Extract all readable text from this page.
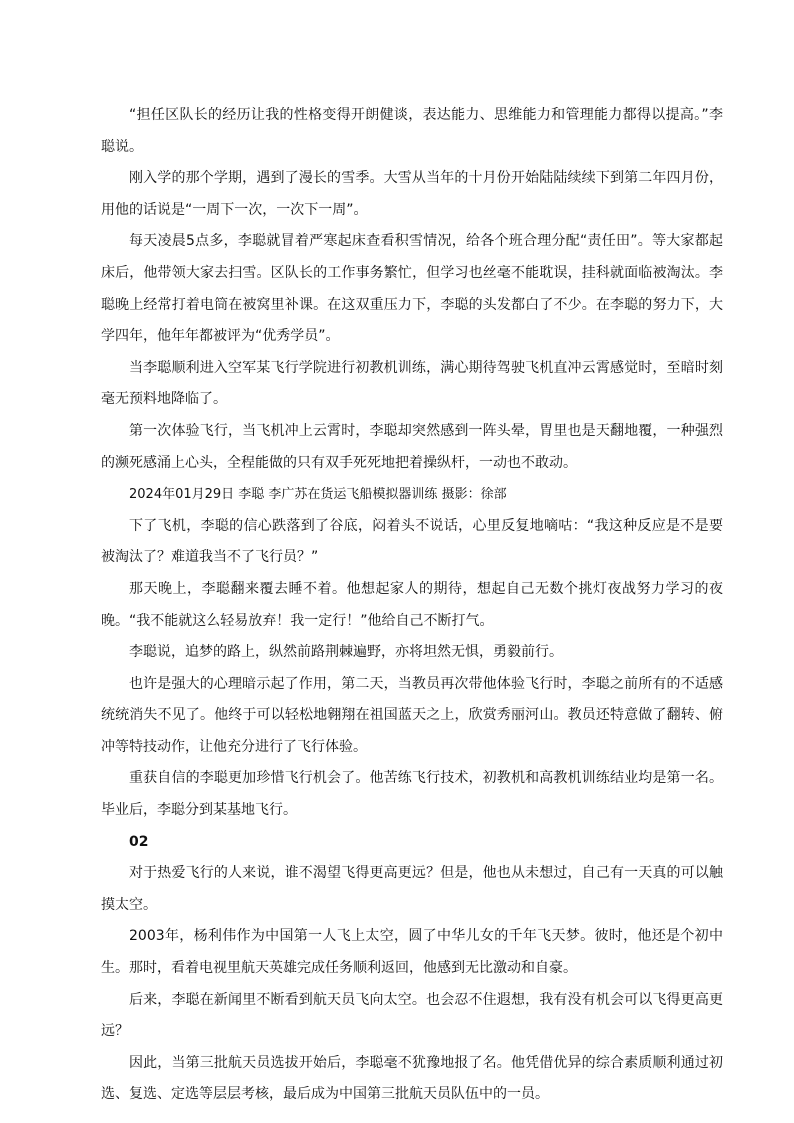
“担任区队长的经历让我的性格变得开朗健谈，表达能力、思维能力和管理能力都得以提高。”李聪说。

刚入学的那个学期，遇到了漫长的雪季。大雪从当年的十月份开始陆陆续续下到第二年四月份，用他的话说是“一周下一次，一次下一周”。

每天凌晨5点多，李聪就冒着严寒起床查看积雪情况，给各个班合理分配“责任田”。等大家都起床后，他带领大家去扫雪。区队长的工作事务繁忙，但学习也丝毫不能耽误，挂科就面临被淘汰。李聪晚上经常打着电筒在被窝里补课。在这双重压力下，李聪的头发都白了不少。在李聪的努力下，大学四年，他年年都被评为“优秀学员”。

当李聪顺利进入空军某飞行学院进行初教机训练，满心期待驾驶飞机直冲云霄感觉时，至暗时刻毫无预料地降临了。

第一次体验飞行，当飞机冲上云霄时，李聪却突然感到一阵头晕，胃里也是天翻地覆，一种强烈的濒死感涌上心头，全程能做的只有双手死死地把着操纵杆，一动也不敢动。

2024年01月29日 李聪 李广苏在货运飞船模拟器训练 摄影：徐部

下了飞机，李聪的信心跌落到了谷底，闷着头不说话，心里反复地嘀咕：“我这种反应是不是要被淘汰了？难道我当不了飞行员？”

那天晚上，李聪翻来覆去睡不着。他想起家人的期待，想起自己无数个挑灯夜战努力学习的夜晚。“我不能就这么轻易放弃！我一定行！”他给自己不断打气。

李聪说，追梦的路上，纵然前路荆棘遍野，亦将坦然无惧，勇毅前行。

也许是强大的心理暗示起了作用，第二天，当教员再次带他体验飞行时，李聪之前所有的不适感统统消失不见了。他终于可以轻松地翱翔在祖国蓝天之上，欣赏秀丽河山。教员还特意做了翻转、俯冲等特技动作，让他充分进行了飞行体验。

重获自信的李聪更加珍惜飞行机会了。他苦练飞行技术，初教机和高教机训练结业均是第一名。毕业后，李聪分到某基地飞行。

02

对于热爱飞行的人来说，谁不渴望飞得更高更远？但是，他也从未想过，自己有一天真的可以触摸太空。

2003年，杨利伟作为中国第一人飞上太空，圆了中华儿女的千年飞天梦。彼时，他还是个初中生。那时，看着电视里航天英雄完成任务顺利返回，他感到无比激动和自豪。

后来，李聪在新闻里不断看到航天员飞向太空。也会忍不住遐想，我有没有机会可以飞得更高更远？

因此，当第三批航天员选拔开始后，李聪毫不犹豫地报了名。他凭借优异的综合素质顺利通过初选、复选、定选等层层考核，最后成为中国第三批航天员队伍中的一员。
